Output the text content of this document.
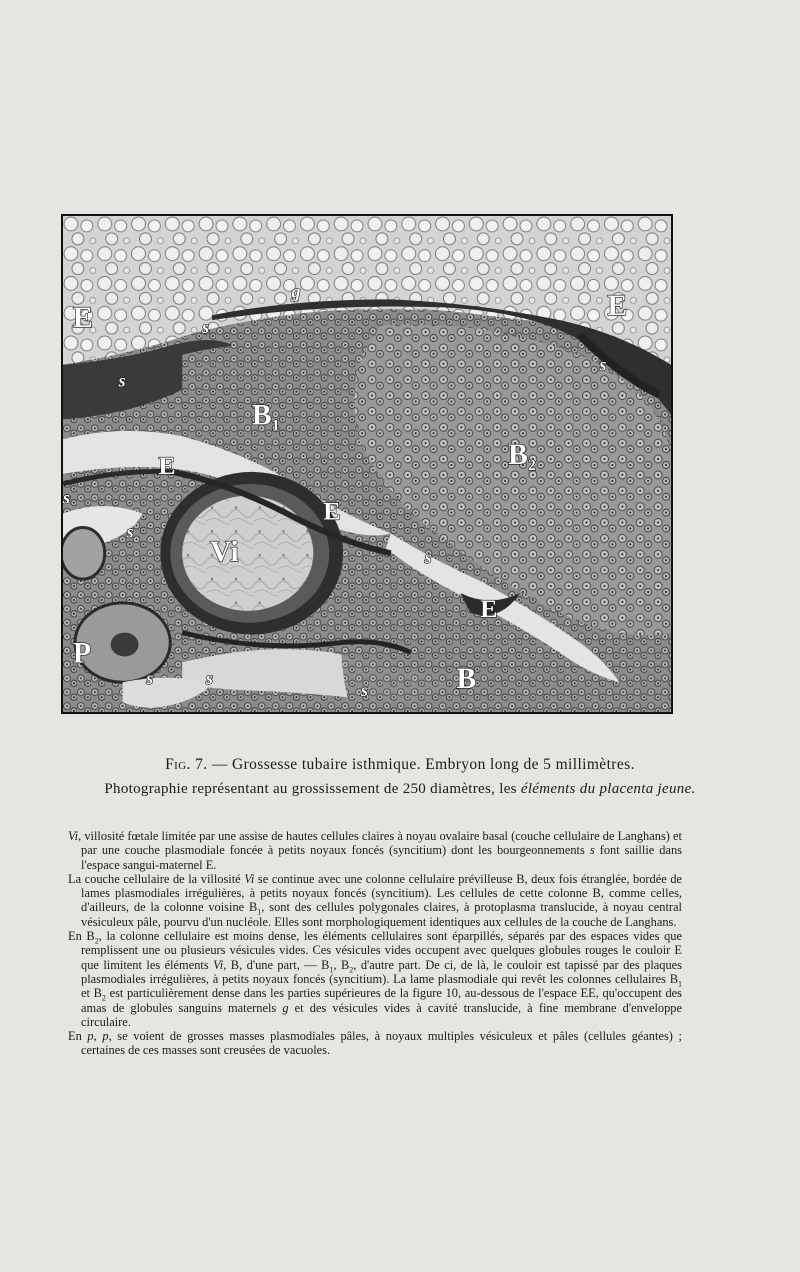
E	E
E
E
E
$B_1$
$B_2$
B
Vi
P
g
s
s
s
s
s
s
s	s
s
Fig. 7. — Grossesse tubaire isthmique. Embryon long de 5 millimètres.
Photographie représentant au grossissement de 250 diamètres, les éléments du placenta jeune.

Vi, villosité fœtale limitée par une assise de hautes cellules claires à noyau ovalaire basal (couche cellulaire de Langhans) et par une couche plasmodiale foncée à petits noyaux foncés (syncitium) dont les bourgeonnements s font saillie dans l'espace sangui-maternel E.

La couche cellulaire de la villosité Vi se continue avec une colonne cellulaire prévilleuse B, deux fois étranglée, bordée de lames plasmodiales irrégulières, à petits noyaux foncés (syncitium). Les cellules de cette colonne B, comme celles, d'ailleurs, de la colonne voisine $B_1$, sont des cellules polygonales claires, à protoplasma translucide, à noyau central vésiculeux pâle, pourvu d'un nucléole. Elles sont morphologiquement identiques aux cellules de la couche de Langhans.

En $B_2$, la colonne cellulaire est moins dense, les éléments cellulaires sont éparpillés, séparés par des espaces vides que remplissent une ou plusieurs vésicules vides. Ces vésicules vides occupent avec quelques globules rouges le couloir E que limitent les éléments Vi, B, d'une part, — $B_1$, $B_2$, d'autre part. De ci, de là, le couloir est tapissé par des plaques plasmodiales irrégulières, à petits noyaux foncés (syncitium). La lame plasmodiale qui revêt les colonnes cellulaires $B_1$ et $B_2$ est particulièrement dense dans les parties supérieures de la figure 10, au-dessous de l'espace EE, qu'occupent des amas de globules sanguins maternels g et des vésicules vides à cavité translucide, à fine membrane d'enveloppe circulaire.

En p, p, se voient de grosses masses plasmodiales pâles, à noyaux multiples vésiculeux et pâles (cellules géantes) ; certaines de ces masses sont creusées de vacuoles.
